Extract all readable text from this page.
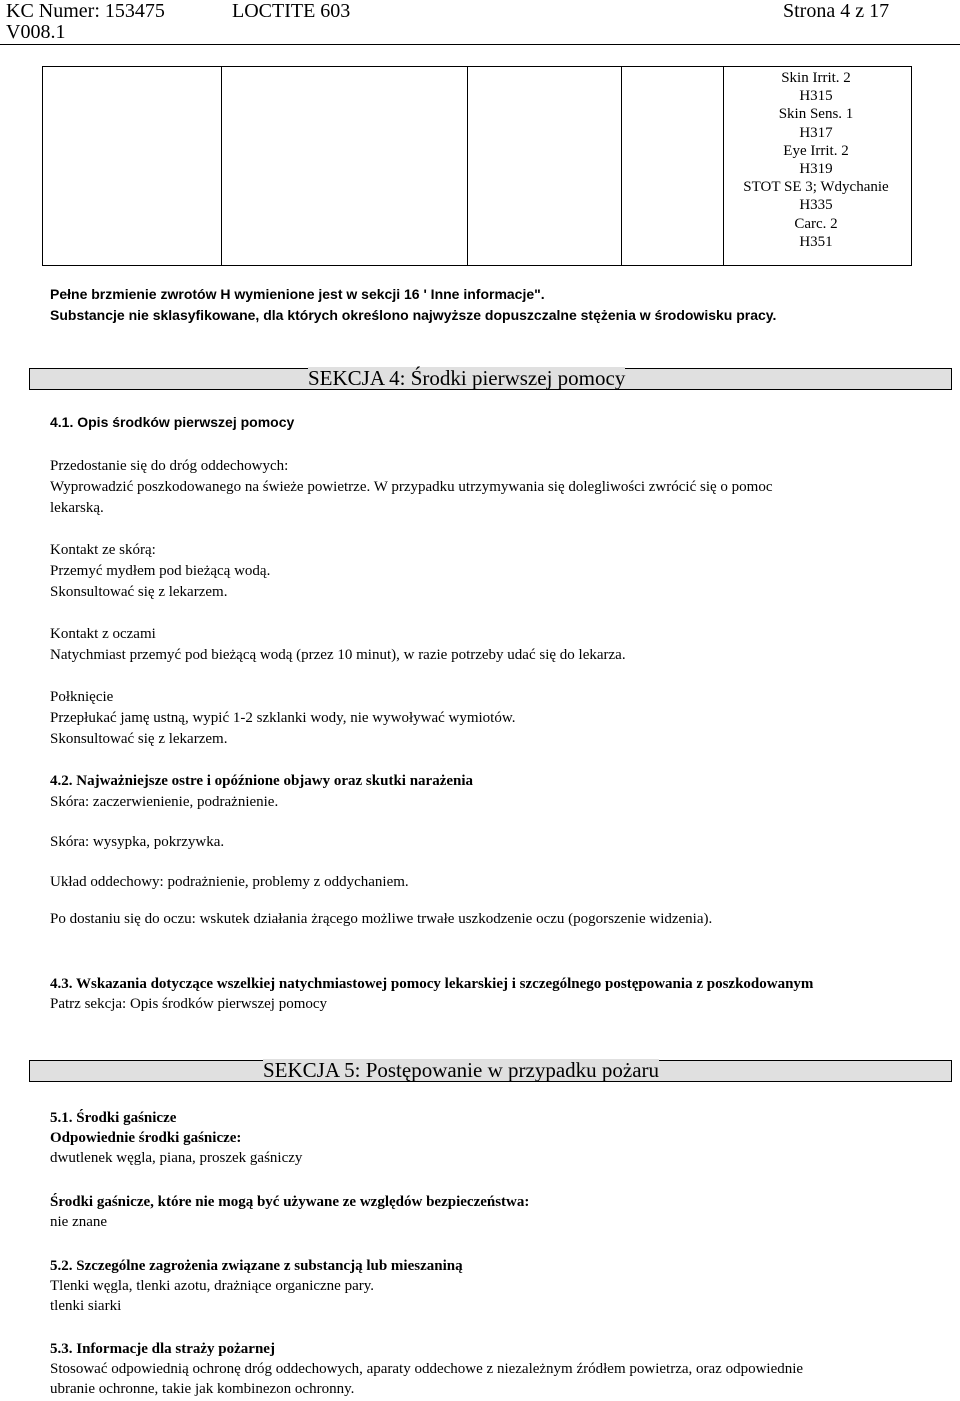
KC Numer: 153475	LOCTITE 603	Strona 4 z 17
V008.1
Skin Irrit. 2
H315
Skin Sens. 1
H317
Eye Irrit. 2
H319
STOT SE 3; Wdychanie
H335
Carc. 2
H351
Pełne brzmienie zwrotów H wymienione jest w sekcji 16 ' Inne informacje".
Substancje nie sklasyfikowane, dla których określono najwyższe dopuszczalne stężenia w środowisku pracy.
SEKCJA 4: Środki pierwszej pomocy
4.1. Opis środków pierwszej pomocy
Przedostanie się do dróg oddechowych:
Wyprowadzić poszkodowanego na świeże powietrze. W przypadku utrzymywania się dolegliwości zwrócić się o pomoc
lekarską.
Kontakt ze skórą:
Przemyć mydłem pod bieżącą wodą.
Skonsultować się z lekarzem.
Kontakt z oczami
Natychmiast przemyć pod bieżącą wodą (przez 10 minut), w razie potrzeby udać się do lekarza.
Połknięcie
Przepłukać jamę ustną, wypić 1-2 szklanki wody, nie wywoływać wymiotów.
Skonsultować się z lekarzem.
4.2. Najważniejsze ostre i opóźnione objawy oraz skutki narażenia
Skóra: zaczerwienienie, podrażnienie.
Skóra: wysypka, pokrzywka.
Układ oddechowy: podrażnienie, problemy z oddychaniem.
Po dostaniu się do oczu: wskutek działania żrącego możliwe trwałe uszkodzenie oczu (pogorszenie widzenia).
4.3. Wskazania dotyczące wszelkiej natychmiastowej pomocy lekarskiej i szczególnego postępowania z poszkodowanym
Patrz sekcja: Opis środków pierwszej pomocy
SEKCJA 5: Postępowanie w przypadku pożaru
5.1. Środki gaśnicze
Odpowiednie środki gaśnicze:
dwutlenek węgla, piana, proszek gaśniczy
Środki gaśnicze, które nie mogą być używane ze względów bezpieczeństwa:
nie znane
5.2. Szczególne zagrożenia związane z substancją lub mieszaniną
Tlenki węgla, tlenki azotu, drażniące organiczne pary.
tlenki siarki
5.3. Informacje dla straży pożarnej
Stosować odpowiednią ochronę dróg oddechowych, aparaty oddechowe z niezależnym źródłem powietrza, oraz odpowiednie
ubranie ochronne, takie jak kombinezon ochronny.
